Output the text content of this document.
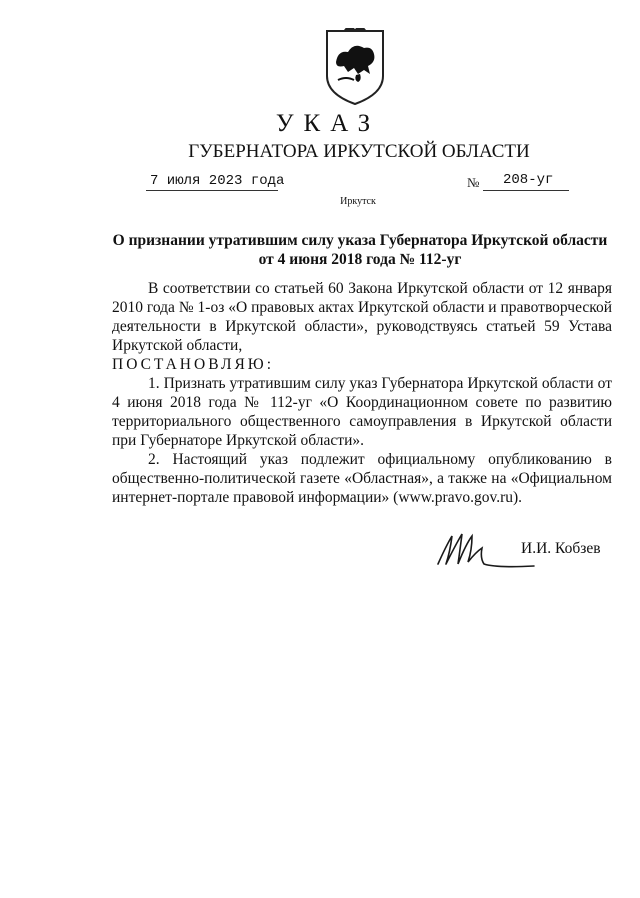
УКАЗ
ГУБЕРНАТОРА ИРКУТСКОЙ ОБЛАСТИ
7 июля 2023 года	№ 208-уг
Иркутск
О признании утратившим силу указа Губернатора Иркутской области
от 4 июня 2018 года № 112-уг

В соответствии со статьей 60 Закона Иркутской области от 12 января 2010 года № 1-оз «О правовых актах Иркутской области и правотворческой деятельности в Иркутской области», руководствуясь статьей 59 Устава Иркутской области,

ПОСТАНОВЛЯЮ:

1. Признать утратившим силу указ Губернатора Иркутской области от 4 июня 2018 года № 112-уг «О Координационном совете по развитию территориального общественного самоуправления в Иркутской области при Губернаторе Иркутской области».

2. Настоящий указ подлежит официальному опубликованию в общественно-политической газете «Областная», а также на «Официальном интернет-портале правовой информации» (www.pravo.gov.ru).

И.И. Кобзев
